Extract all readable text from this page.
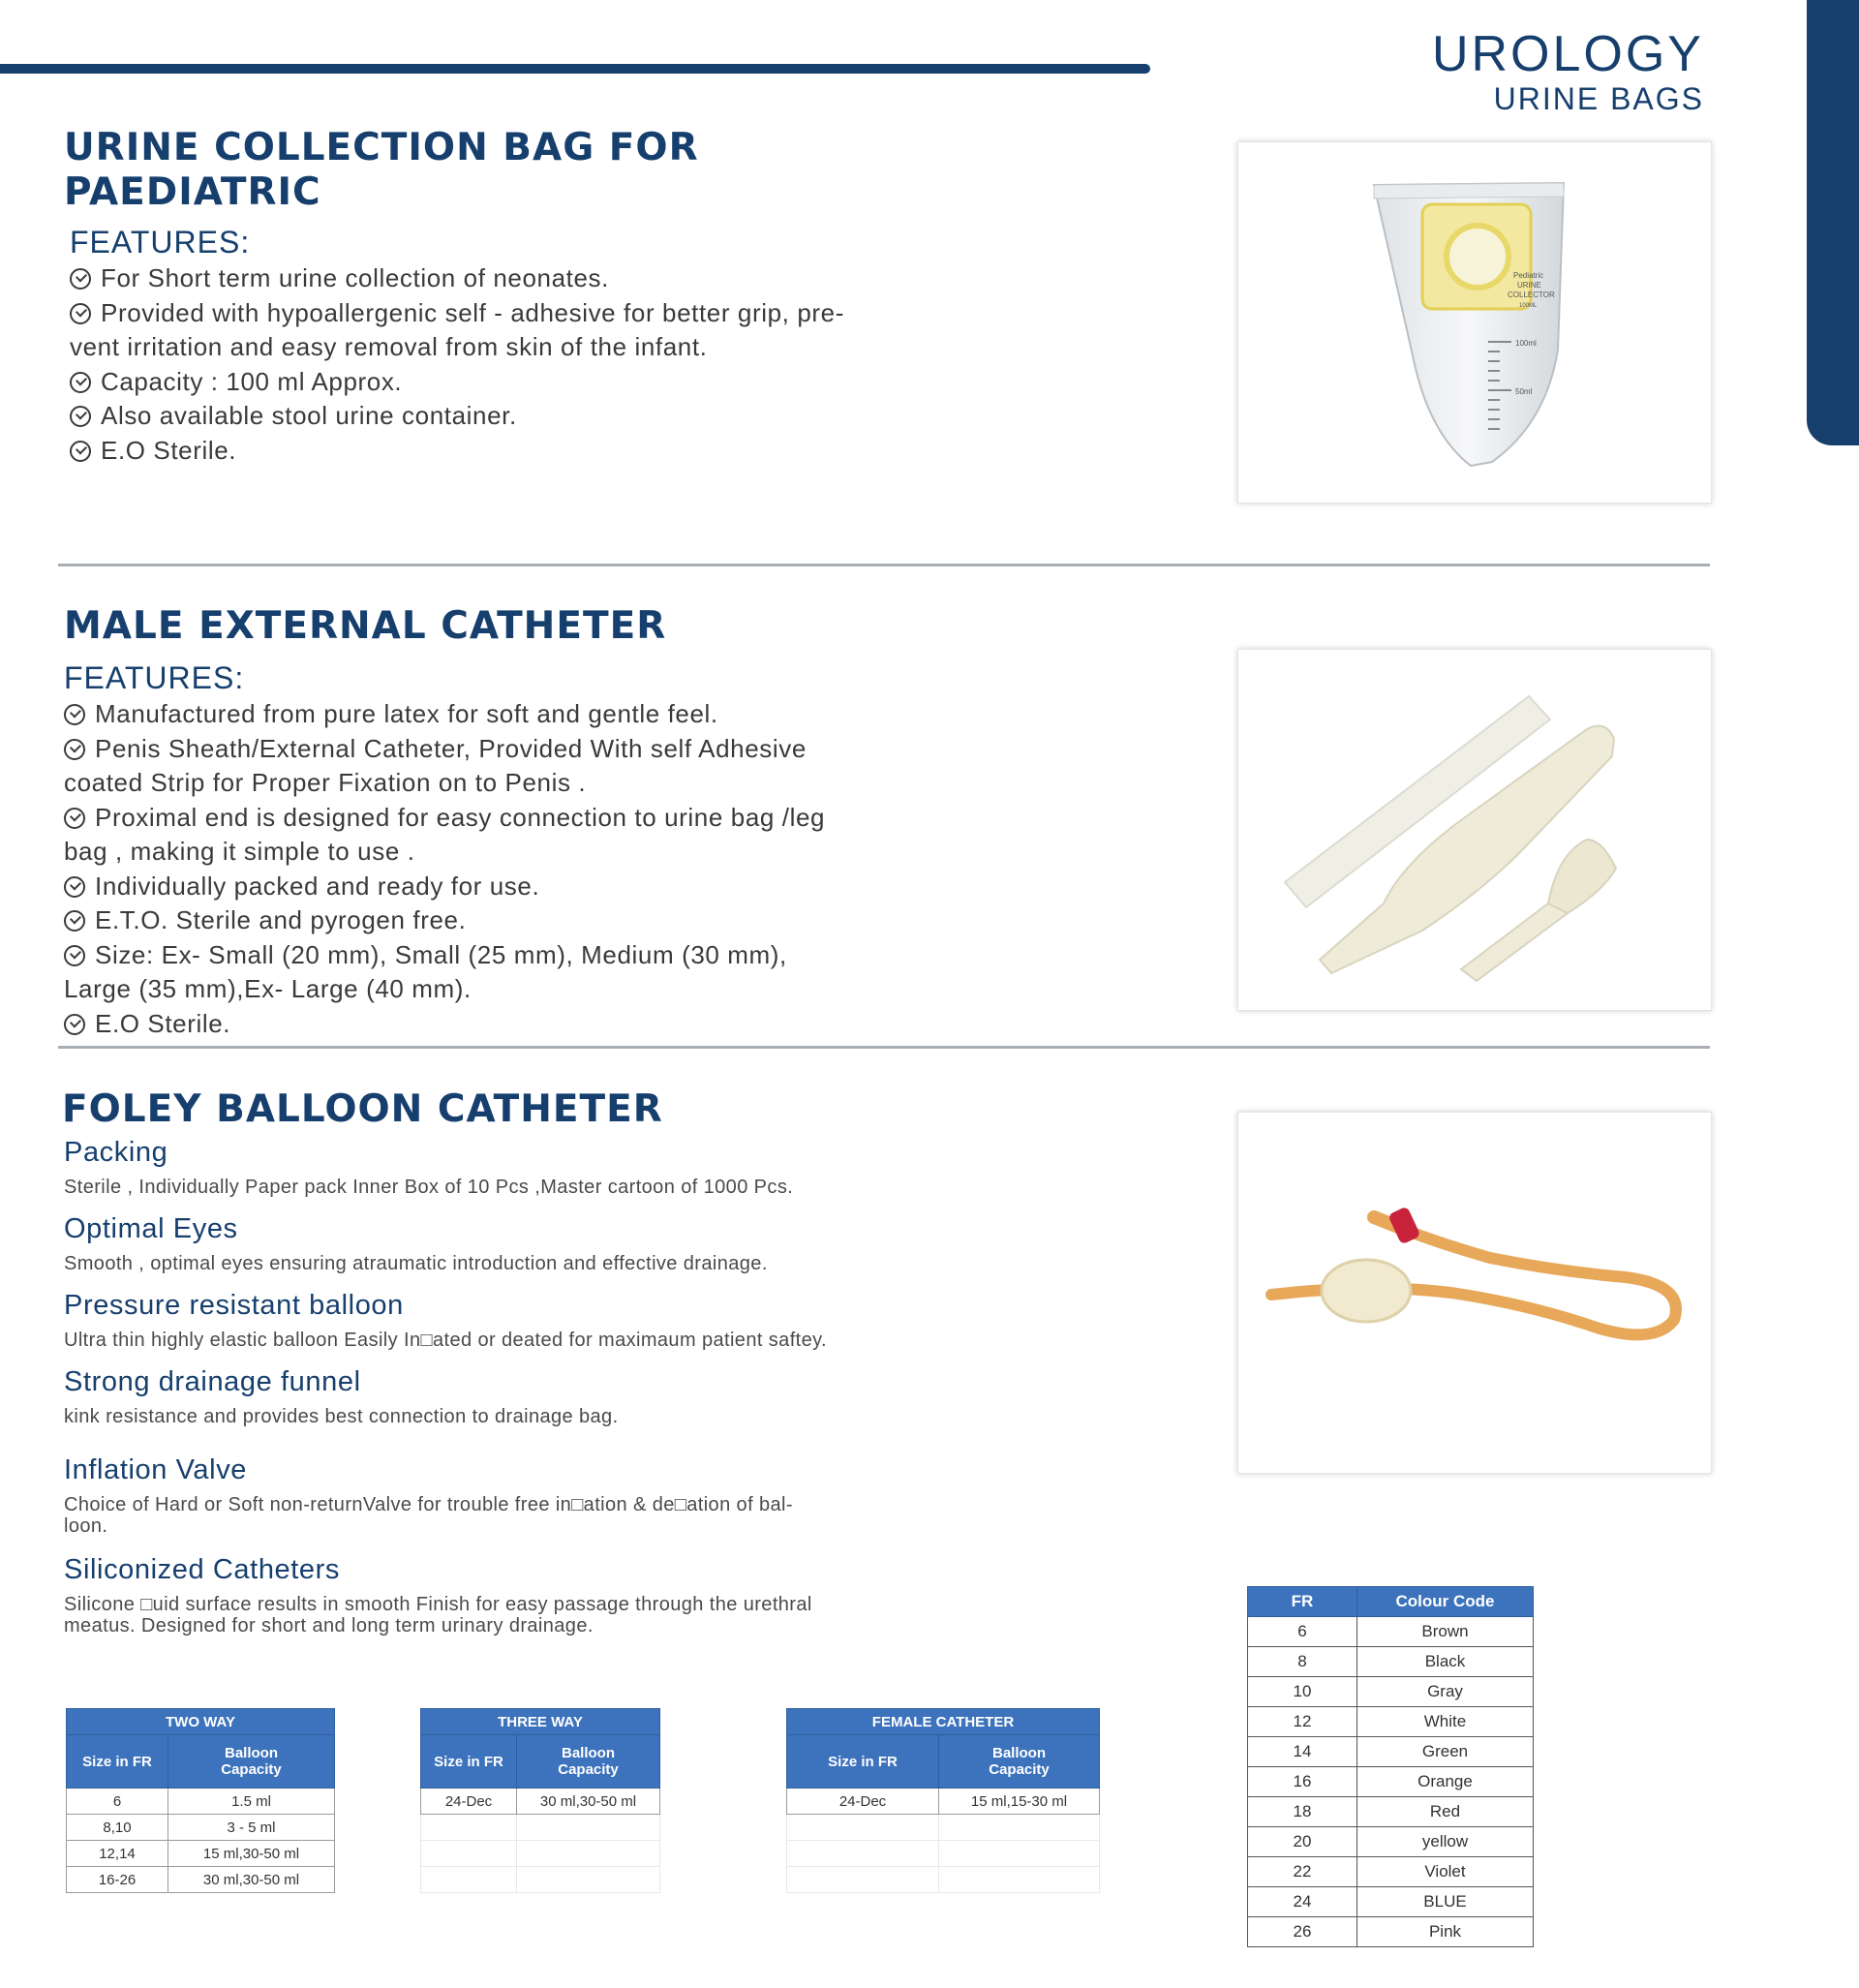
UROLOGY
URINE BAGS
URINE COLLECTION BAG FOR
PAEDIATRIC
FEATURES:
For Short term urine collection of neonates.
Provided with hypoallergenic self - adhesive for better grip, pre-
vent irritation and easy removal from skin of the infant.
Capacity : 100 ml Approx.
Also available stool urine container.
E.O Sterile.
Pediatric
URINE
COLLECTOR
100ML
100ml
50ml
MALE EXTERNAL CATHETER
FEATURES:
Manufactured from pure latex for soft and gentle feel.
Penis Sheath/External Catheter, Provided With self Adhesive
coated Strip for Proper Fixation on to Penis .
Proximal end is designed for easy connection to urine bag /leg
bag , making it simple to use .
Individually packed and ready for use.
E.T.O. Sterile and pyrogen free.
Size: Ex- Small (20 mm), Small (25 mm), Medium (30 mm),
Large (35 mm),Ex- Large (40 mm).
E.O Sterile.
FOLEY BALLOON CATHETER
Packing
Sterile , Individually Paper pack Inner Box of 10 Pcs ,Master cartoon of 1000 Pcs.
Optimal Eyes
Smooth , optimal eyes ensuring atraumatic introduction and effective drainage.
Pressure resistant balloon
Ultra thin highly elastic balloon Easily In□ated or deated for maximaum patient saftey.
Strong drainage funnel
kink resistance and provides best connection to drainage bag.
Inflation Valve
Choice of Hard or Soft non-returnValve for trouble free in□ation & de□ation of bal-
loon.
Siliconized Catheters
Silicone □uid surface results in smooth Finish for easy passage through the urethral
meatus. Designed for short and long term urinary drainage.
TWO WAY	
Size in FR	Balloon
Capacity

6	1.5 ml
8,10	3 - 5 ml
12,14	15 ml,30-50 ml
16-26	30 ml,30-50 ml
THREE WAY	
Size in FR	Balloon
Capacity

24-Dec	30 ml,30-50 ml

FEMALE CATHETER	
Size in FR	Balloon
Capacity

24-Dec	15 ml,15-30 ml

FR	Colour Code
6	Brown
8	Black
10	Gray
12	White
14	Green
16	Orange
18	Red
20	yellow
22	Violet
24	BLUE
26	Pink
